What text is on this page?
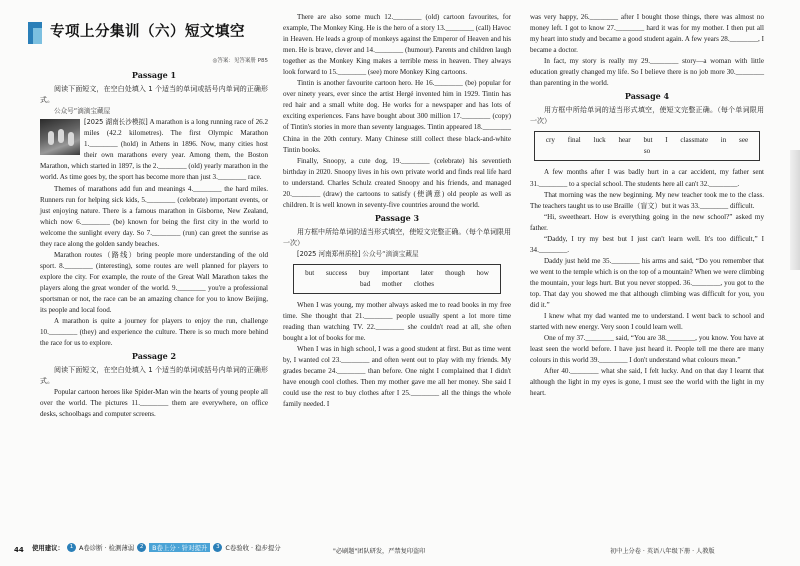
专项上分集训（六）短文填空
◎答案：见答案册 P85
Passage 1
阅读下面短文，在空白处填入 1 个适当的单词或括号内单词的正确形式。
公众号“滴滴宝藏屋
[2025 湖南长沙模拟] A marathon is a long running race of 26.2 miles (42.2 kilometres). The first Olympic Marathon 1.________ (hold) in Athens in 1896. Now, many cities host their own marathons every year. Among them, the Boston Marathon, which started in 1897, is the 2.________ (old) yearly marathon in the world. As time goes by, the sport has become more than just 3.________ race.
Themes of marathons add fun and meanings 4.________ the hard miles. Runners run for helping sick kids, 5.________ (celebrate) important events, or just enjoying nature. There is a famous marathon in Gisborne, New Zealand, which now 6.________ (be) known for being the first city in the world to welcome the sunlight every day. So 7.________ (run) can greet the sunrise as they race along the golden sandy beaches.
Marathon routes（路线）bring people more understanding of the old sport. 8.________ (interesting), some routes are well planned for players to explore the city. For example, the route of the Great Wall Marathon takes the players along the great wonder of the world. 9.________ you're a professional sportsman or not, the race can be an amazing chance for you to know Beijing, its people and local food.
A marathon is quite a journey for players to enjoy the run, challenge 10.________ (they) and experience the culture. There is so much more behind the race for us to explore.
Passage 2
阅读下面短文，在空白处填入 1 个适当的单词或括号内单词的正确形式。
Popular cartoon heroes like Spider-Man win the hearts of young people all over the world. The pictures 11.________ them are everywhere, on office desks, schoolbags and computer screens.
There are also some much 12.________ (old) cartoon favourites, for example, The Monkey King. He is the hero of a story 13.________ (call) Havoc in Heaven. He leads a group of monkeys against the Emperor of Heaven and his men. He is brave, clever and 14.________ (humour). Parents and children laugh together as the Monkey King makes a terrible mess in heaven. They always look forward to 15.________ (see) more Monkey King cartoons.
Tintin is another favourite cartoon hero. He 16.________ (be) popular for over ninety years, ever since the artist Hergé invented him in 1929. Tintin has red hair and a small white dog. He works for a newspaper and has lots of exciting experiences. Fans have bought about 300 million 17.________ (copy) of Tintin's stories in more than seventy languages. Tintin appeared 18.________ China in the 20th century. Many Chinese still collect these black-and-white Tintin books.
Finally, Snoopy, a cute dog, 19.________ (celebrate) his seventieth birthday in 2020. Snoopy lives in his own private world and finds real life hard to understand. Charles Schulz created Snoopy and his friends, and managed 20.________ (draw) the cartoons to satisfy (使满意) old people as well as children. It is well known in seventy-five countries around the world.
Passage 3
用方框中所给单词的适当形式填空，使短文完整正确。（每个单词限用一次）
[2025 河南郑州质检] 公众号“滴滴宝藏屋
but success buy important later though how
bad mother clothes
When I was young, my mother always asked me to read books in my free time. She thought that 21.________ people usually spent a lot more time reading than watching TV. 22.________ she couldn't read at all, she often bought a lot of books for me.
When I was in high school, I was a good student at first. But as time went by, I wanted col 23.________ and often went out to play with my friends. My grades became 24.________ than before. One night I complained that I didn't have enough cool clothes. Then my mother gave me all her money. She said I could use the rest to buy clothes after I 25.________ all the things the whole family needed. I
was very happy, 26.________ after I bought those things, there was almost no money left. I got to know 27.________ hard it was for my mother. I then put all my heart into study and became a good student again. A few years 28.________, I became a doctor.
In fact, my story is really my 29.________ story—a woman with little education greatly changed my life. So I believe there is no job more 30.________ than parenting in the world.
Passage 4
用方框中所给单词的适当形式填空，使短文完整正确。（每个单词限用一次）
cry final luck hear but I classmate in see so
A few months after I was badly hurt in a car accident, my father sent 31.________ to a special school. The students here all can't 32.________.
That morning was the new beginning. My new teacher took me to the class. The teachers taught us to use Braille（盲文）but it was 33.________ difficult.
“Hi, sweetheart. How is everything going in the new school?” asked my father.
“Daddy, I try my best but I just can't learn well. It's too difficult,” I 34.________.
Daddy just held me 35.________ his arms and said, “Do you remember that we went to the temple which is on the top of a mountain? When we were climbing the mountain, your legs hurt. But you never stopped. 36.________, you got to the top. That day you showed me that although climbing was difficult for you, you did it.”
I knew what my dad wanted me to understand. I went back to school and started with new energy. Very soon I could learn well.
One of my 37.________ said, “You are 38.________, you know. You have at least seen the world before. I have just heard it. People tell me there are many colours in this world 39.________ I don't understand what colours mean.”
After 40.________ what she said, I felt lucky. And on that day I learnt that although the light in my eyes is gone, I must see the world with the light in my heart.
44 使用建议：	1 A卷诊断 · 检测薄弱	2	B卷上分 · 针对提升	3 C卷验收 · 稳步提分	"必刷题"团队研发，严禁复印盗印	初中上分卷 · 英语八年级下册 · 人教版
